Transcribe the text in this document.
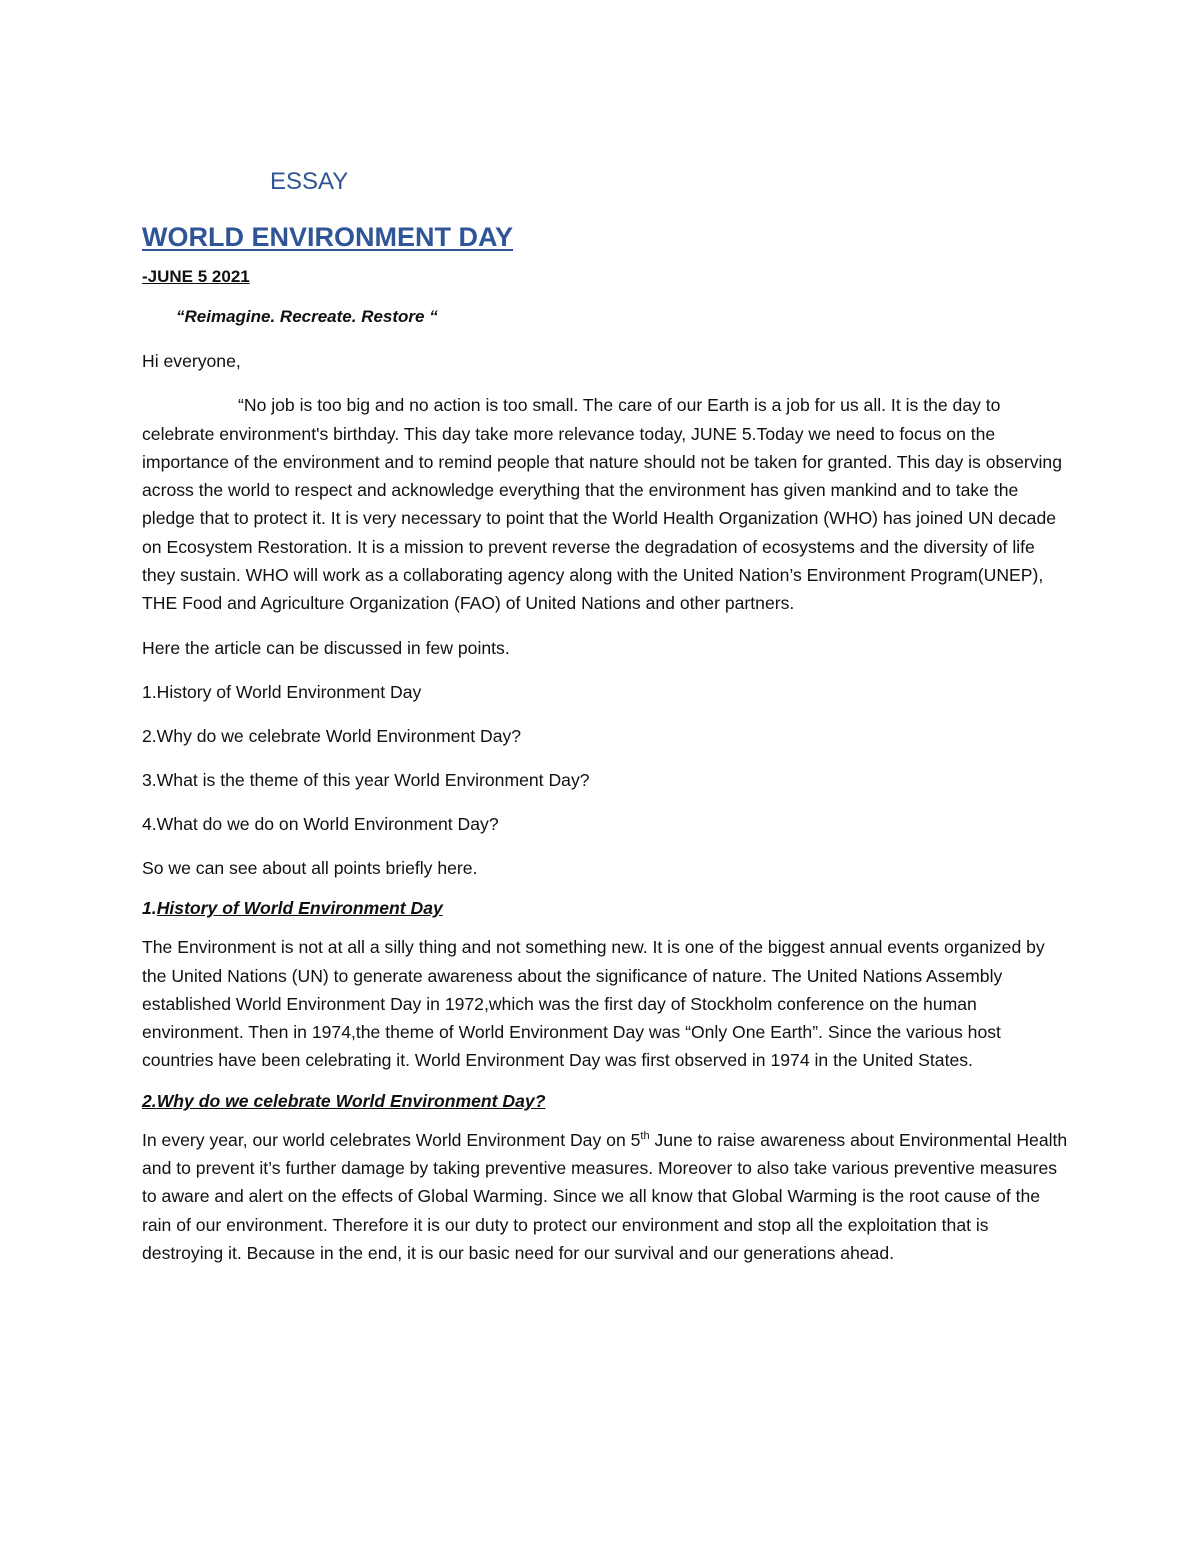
ESSAY
WORLD ENVIRONMENT DAY
-JUNE 5 2021
“Reimagine. Recreate. Restore “

Hi everyone,

“No job is too big and no action is too small. The care of our Earth is a job for us all. It is the day to celebrate environment's birthday. This day take more relevance today, JUNE 5.Today we need to focus on the importance of the environment and to remind people that nature should not be taken for granted. This day is observing across the world to respect and acknowledge everything that the environment has given mankind and to take the pledge that to protect it. It is very necessary to point that the World Health Organization (WHO) has joined UN decade on Ecosystem Restoration. It is a mission to prevent reverse the degradation of ecosystems and the diversity of life they sustain. WHO will work as a collaborating agency along with the United Nation’s Environment Program(UNEP), THE Food and Agriculture Organization (FAO) of United Nations and other partners.

Here the article can be discussed in few points.

1.History of World Environment Day

2.Why do we celebrate World Environment Day?

3.What is the theme of this year World Environment Day?

4.What do we do on World Environment Day?

So we can see about all points briefly here.

1.History of World Environment Day

The Environment is not at all a silly thing and not something new. It is one of the biggest annual events organized by the United Nations (UN) to generate awareness about the significance of nature. The United Nations Assembly established World Environment Day in 1972,which was the first day of Stockholm conference on the human environment. Then in 1974,the theme of World Environment Day was “Only One Earth”. Since the various host countries have been celebrating it. World Environment Day was first observed in 1974 in the United States.

2.Why do we celebrate World Environment Day?

In every year, our world celebrates World Environment Day on 5th June to raise awareness about Environmental Health and to prevent it’s further damage by taking preventive measures. Moreover to also take various preventive measures to aware and alert on the effects of Global Warming. Since we all know that Global Warming is the root cause of the rain of our environment. Therefore it is our duty to protect our environment and stop all the exploitation that is destroying it. Because in the end, it is our basic need for our survival and our generations ahead.
